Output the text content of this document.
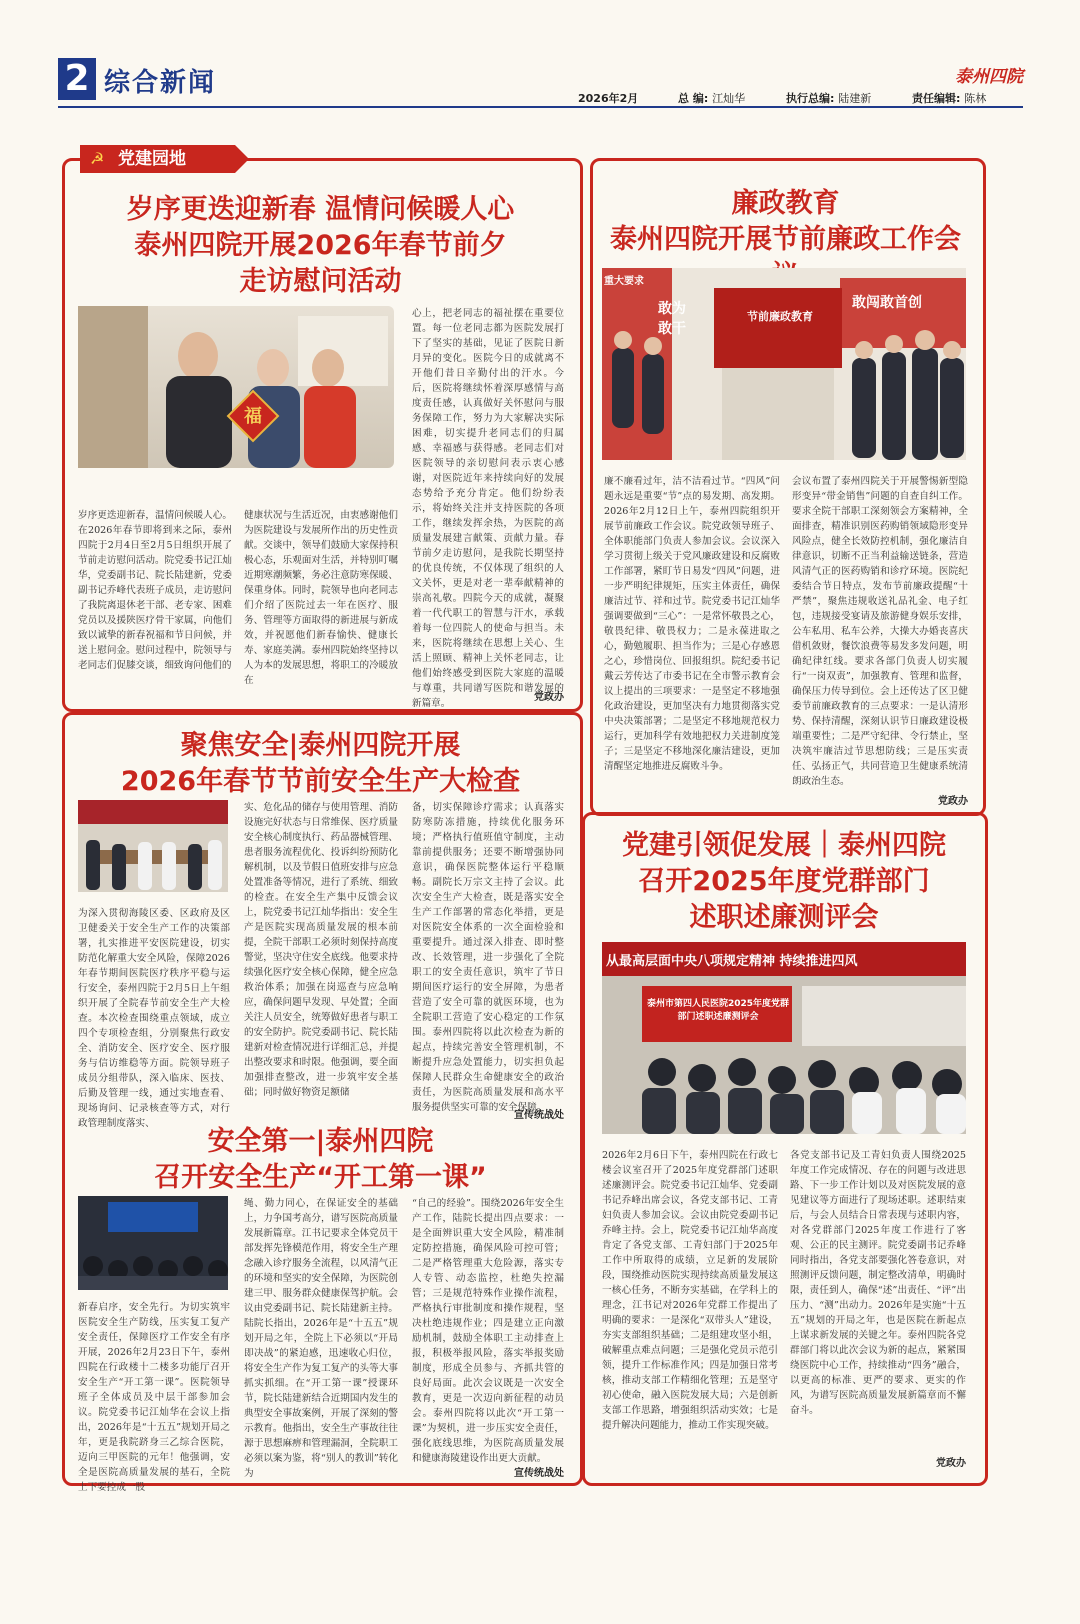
2 综合新闻	泰州四院
2026年2月	总 编: 江灿华	执行总编: 陆建新	责任编辑: 陈林
☭ 党建园地
岁序更迭迎新春 温情问候暖人心
泰州四院开展2026年春节前夕
走访慰问活动
福
岁序更迭迎新春，温情问候暖人心。在2026年春节即将到来之际，泰州四院于2月4日至2月5日组织开展了节前走访慰问活动。院党委书记江灿华，党委副书记、院长陆建新，党委副书记乔峰代表班子成员，走访慰问了我院离退休老干部、老专家、困难党员以及援陕医疗骨干家属，向他们致以诚挚的新春祝福和节日问候，并送上慰问金。慰问过程中，院领导与老同志们促膝交谈，细致询问他们的
健康状况与生活近况，由衷感谢他们为医院建设与发展所作出的历史性贡献。交谈中，领导们鼓励大家保持积极心态，乐观面对生活，并特别叮嘱近期寒潮频繁，务必注意防寒保暖、保重身体。同时，院领导也向老同志们介绍了医院过去一年在医疗、服务、管理等方面取得的新进展与新成效，并祝愿他们新春愉快、健康长寿、家庭美满。泰州四院始终坚持以人为本的发展思想，将职工的冷暖放在
心上，把老同志的福祉摆在重要位置。每一位老同志都为医院发展打下了坚实的基础，见证了医院日新月异的变化。医院今日的成就离不开他们昔日辛勤付出的汗水。今后，医院将继续怀着深厚感情与高度责任感，认真做好关怀慰问与服务保障工作，努力为大家解决实际困难，切实提升老同志们的归属感、幸福感与获得感。老同志们对医院领导的亲切慰问表示衷心感谢，对医院近年来持续向好的发展态势给予充分肯定。他们纷纷表示，将始终关注并支持医院的各项工作，继续发挥余热，为医院的高质量发展建言献策、贡献力量。春节前夕走访慰问，是我院长期坚持的优良传统，不仅体现了组织的人文关怀，更是对老一辈奉献精神的崇高礼敬。四院今天的成就，凝聚着一代代职工的智慧与汗水，承载着每一位四院人的使命与担当。未来，医院将继续在思想上关心、生活上照顾、精神上关怀老同志，让他们始终感受到医院大家庭的温暖与尊重，共同谱写医院和谐发展的新篇章。
党政办
廉政教育
泰州四院开展节前廉政工作会
节前廉政教育
重大要求
敢为敢干
敢闯敢首创
廉不廉看过年，洁不洁看过节。“四风”问题永远是重要“节”点的易发期、高发期。2026年2月12日上午，泰州四院组织开展节前廉政工作会议。院党政领导班子、全体职能部门负责人参加会议。会议深入学习贯彻上级关于党风廉政建设和反腐败工作部署，紧盯节日易发“四风”问题，进一步严明纪律规矩，压实主体责任，确保廉洁过节、祥和过节。院党委书记江灿华强调要做到“三心”：一是常怀敬畏之心，敬畏纪律、敬畏权力；二是永葆进取之心，勤勉履职、担当作为；三是心存感恩之心，珍惜岗位、回报组织。院纪委书记戴云芳传达了市委书记在全市警示教育会议上提出的三项要求：一是坚定不移地强化政治建设，更加坚决有力地贯彻落实党中央决策部署；二是坚定不移地规范权力运行，更加科学有效地把权力关进制度笼子；三是坚定不移地深化廉洁建设，更加清醒坚定地推进反腐败斗争。
会议布置了泰州四院关于开展警惕新型隐形变异“带金销售”问题的自查自纠工作。要求全院干部职工深刻领会方案精神，全面排查，精准识别医药购销领域隐形变异风险点，健全长效防控机制，强化廉洁自律意识，切断不正当利益输送链条，营造风清气正的医药购销和诊疗环境。医院纪委结合节日特点，发布节前廉政提醒“十严禁”，聚焦违规收送礼品礼金、电子红包，违规接受宴请及旅游健身娱乐安排，公车私用、私车公养，大操大办婚丧喜庆借机敛财，餐饮浪费等易发多发问题，明确纪律红线。要求各部门负责人切实履行“一岗双责”，加强教育、管理和监督，确保压力传导到位。会上还传达了区卫健委节前廉政教育的三点要求：一是认清形势、保持清醒，深刻认识节日廉政建设极端重要性；二是严守纪律、令行禁止，坚决筑牢廉洁过节思想防线；三是压实责任、弘扬正气，共同营造卫生健康系统清朗政治生态。
党政办
聚焦安全|泰州四院开展
2026年春节节前安全生产大检查
为深入贯彻海陵区委、区政府及区卫健委关于安全生产工作的决策部署，扎实推进平安医院建设，切实防范化解重大安全风险，保障2026年春节期间医院医疗秩序平稳与运行安全，泰州四院于2月5日上午组织开展了全院春节前安全生产大检查。本次检查围绕重点领域，成立四个专项检查组，分别聚焦行政安全、消防安全、医疗安全、医疗服务与信访维稳等方面。院领导班子成员分组带队，深入临床、医技、后勤及管理一线，通过实地查看、现场询问、记录核查等方式，对行政管理制度落实、
实、危化品的储存与使用管理、消防设施完好状态与日常维保、医疗质量安全核心制度执行、药品器械管理、患者服务流程优化、投诉纠纷预防化解机制，以及节假日值班安排与应急处置准备等情况，进行了系统、细致的检查。在安全生产集中反馈会议上，院党委书记江灿华指出：安全生产是医院实现高质量发展的根本前提，全院干部职工必须时刻保持高度警觉，坚决守住安全底线。他要求持续强化医疗安全核心保障，健全应急救治体系；加强在岗巡查与应急响应，确保问题早发现、早处置；全面关注人员安全，统筹做好患者与职工的安全防护。院党委副书记、院长陆建新对检查情况进行详细汇总，并提出整改要求和时限。他强调，要全面加强排查整改，进一步筑牢安全基础；同时做好物资足额储
备，切实保障诊疗需求；认真落实防寒防冻措施，持续优化服务环境；严格执行值班值守制度，主动靠前提供服务；还要不断增强协同意识，确保医院整体运行平稳顺畅。副院长万宗文主持了会议。此次安全生产大检查，既是落实安全生产工作部署的常态化举措，更是对医院安全体系的一次全面检验和重要提升。通过深入排查、即时整改、长效管理，进一步强化了全院职工的安全责任意识，筑牢了节日期间医疗运行的安全屏障，为患者营造了安全可靠的就医环境，也为全院职工营造了安心稳定的工作氛围。泰州四院将以此次检查为新的起点，持续完善安全管理机制，不断提升应急处置能力，切实担负起保障人民群众生命健康安全的政治责任，为医院高质量发展和高水平服务提供坚实可靠的安全保障。
宣传统战处
安全第一|泰州四院
召开安全生产“开工第一课”
新春启序，安全先行。为切实筑牢医院安全生产防线，压实复工复产安全责任，保障医疗工作安全有序开展，2026年2月23日下午，泰州四院在行政楼十二楼多功能厅召开安全生产“开工第一课”。医院领导班子全体成员及中层干部参加会议。院党委书记江灿华在会议上指出，2026年是“十五五”规划开局之年，更是我院跻身三乙综合医院，迈向三甲医院的元年！他强调，安全是医院高质量发展的基石，全院上下要控成一股
绳、勤力同心，在保证安全的基础上，力争国考高分，谱写医院高质量发展新篇章。江书记要求全体党员干部发挥先锋模范作用，将安全生产理念融入诊疗服务全流程，以风清气正的环境和坚实的安全保障，为医院创建三甲、服务群众健康保驾护航。会议由党委副书记、院长陆建新主持。陆院长指出，2026年是“十五五”规划开局之年，全院上下必须以“开局即决战”的紧迫感，迅速收心归位，将安全生产作为复工复产的头等大事抓实抓细。在“开工第一课”授课环节，院长陆建新结合近期国内发生的典型安全事故案例，开展了深刻的警示教育。他指出，安全生产事故往往源于思想麻痹和管理漏洞，全院职工必须以案为鉴，将“别人的教训”转化为
“自己的经验”。围绕2026年安全生产工作，陆院长提出四点要求：一是全面辨识重大安全风险，精准制定防控措施，确保风险可控可管；二是严格管理重大危险源，落实专人专管、动态监控，杜绝失控漏管；三是规范特殊作业操作流程，严格执行审批制度和操作规程，坚决杜绝违规作业；四是建立正向激励机制，鼓励全体职工主动排查上报，积极举报风险，落实举报奖励制度，形成全员参与、齐抓共管的良好局面。此次会议既是一次安全教育，更是一次迈向新征程的动员会。泰州四院将以此次“开工第一课”为契机，进一步压实安全责任，强化底线思维，为医院高质量发展和健康海陵建设作出更大贡献。
宣传统战处
党建引领促发展｜泰州四院
召开2025年度党群部门
述职述廉测评会
从最高层面中央八项规定精神 持续推进四风
泰州市第四人民医院2025年度党群部门述职述廉测评会
2026年2月6日下午，泰州四院在行政七楼会议室召开了2025年度党群部门述职述廉测评会。院党委书记江灿华、党委副书记乔峰出席会议，各党支部书记、工青妇负责人参加会议。会议由院党委副书记乔峰主持。会上，院党委书记江灿华高度肯定了各党支部、工青妇部门于2025年工作中所取得的成绩，立足新的发展阶段，围绕推动医院实现持续高质量发展这一核心任务，不断夯实基础，在学科上的理念，江书记对2026年党群工作提出了明确的要求：一是深化“双带头人”建设，夯实支部组织基础；二是组建攻坚小组，破解重点难点问题；三是强化党员示范引领，提升工作标准作风；四是加强日常考核，推动支部工作精细化管理；五是坚守初心使命，融入医院发展大局；六是创新支部工作思路，增强组织活动实效；七是提升解决问题能力，推动工作实现突破。
各党支部书记及工青妇负责人围绕2025年度工作完成情况、存在的问题与改进思路、下一步工作计划以及对医院发展的意见建议等方面进行了现场述职。述职结束后，与会人员结合日常表现与述职内容，对各党群部门2025年度工作进行了客观、公正的民主测评。院党委副书记乔峰同时指出，各党支部要强化答卷意识，对照测评反馈问题，制定整改清单，明确时限，责任到人，确保“述”出责任、“评”出压力、“测”出动力。2026年是实施“十五五”规划的开局之年，也是医院在新起点上谋求新发展的关键之年。泰州四院各党群部门将以此次会议为新的起点，紧紧围绕医院中心工作，持续推动“四务”融合，以更高的标准、更严的要求、更实的作风，为谱写医院高质量发展新篇章而不懈奋斗。
党政办
